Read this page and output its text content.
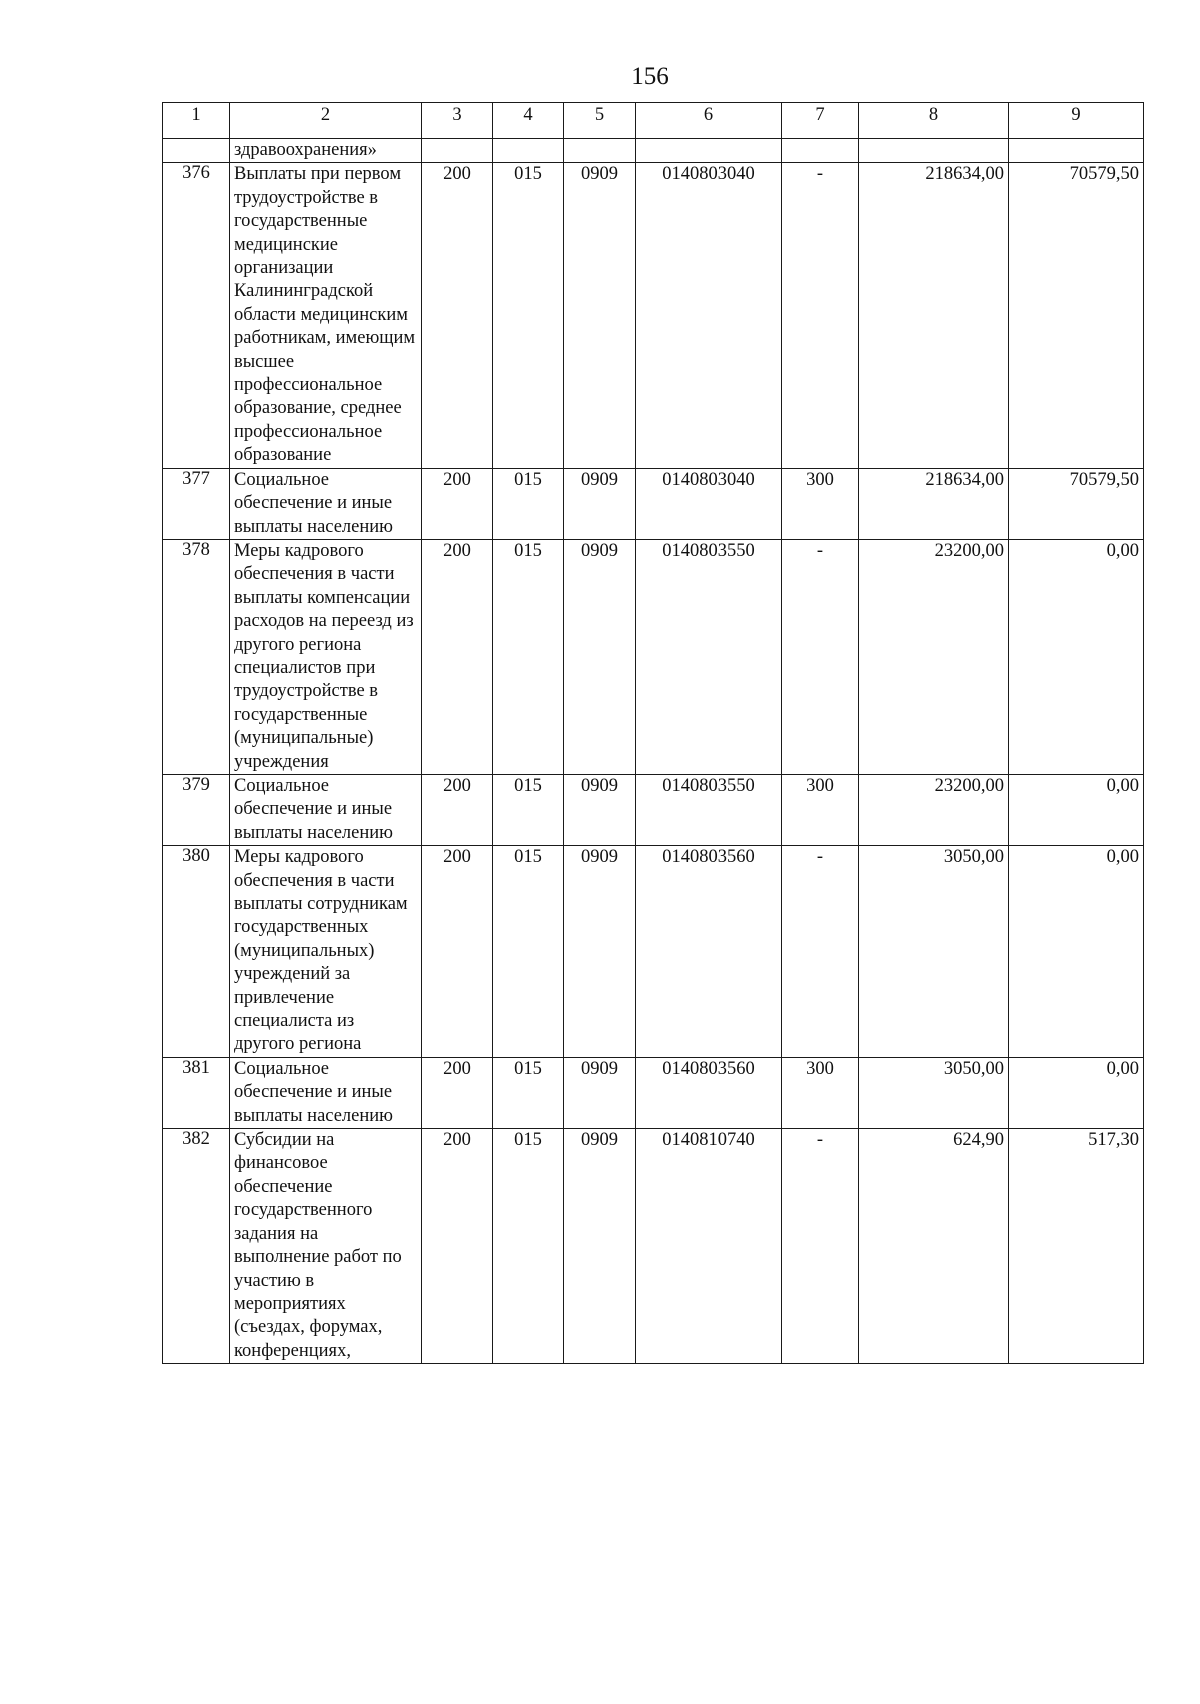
156
1	2	3	4	5	6	7	8	9
	здравоохранения»							
376	Выплаты при первом трудоустройстве в государственные медицинские организации Калининградской области медицинским работникам, имеющим высшее профессиональное образование, среднее профессиональное образование	200	015	0909	0140803040	-	218634,00	70579,50
377	Социальное обеспечение и иные выплаты населению	200	015	0909	0140803040	300	218634,00	70579,50
378	Меры кадрового обеспечения в части выплаты компенсации расходов на переезд из другого региона специалистов при трудоустройстве в государственные (муниципальные) учреждения	200	015	0909	0140803550	-	23200,00	0,00
379	Социальное обеспечение и иные выплаты населению	200	015	0909	0140803550	300	23200,00	0,00
380	Меры кадрового обеспечения в части выплаты сотрудникам государственных (муниципальных) учреждений за привлечение специалиста из другого региона	200	015	0909	0140803560	-	3050,00	0,00
381	Социальное обеспечение и иные выплаты населению	200	015	0909	0140803560	300	3050,00	0,00
382	Субсидии на финансовое обеспечение государственного задания на выполнение работ по участию в мероприятиях (съездах, форумах, конференциях,	200	015	0909	0140810740	-	624,90	517,30
